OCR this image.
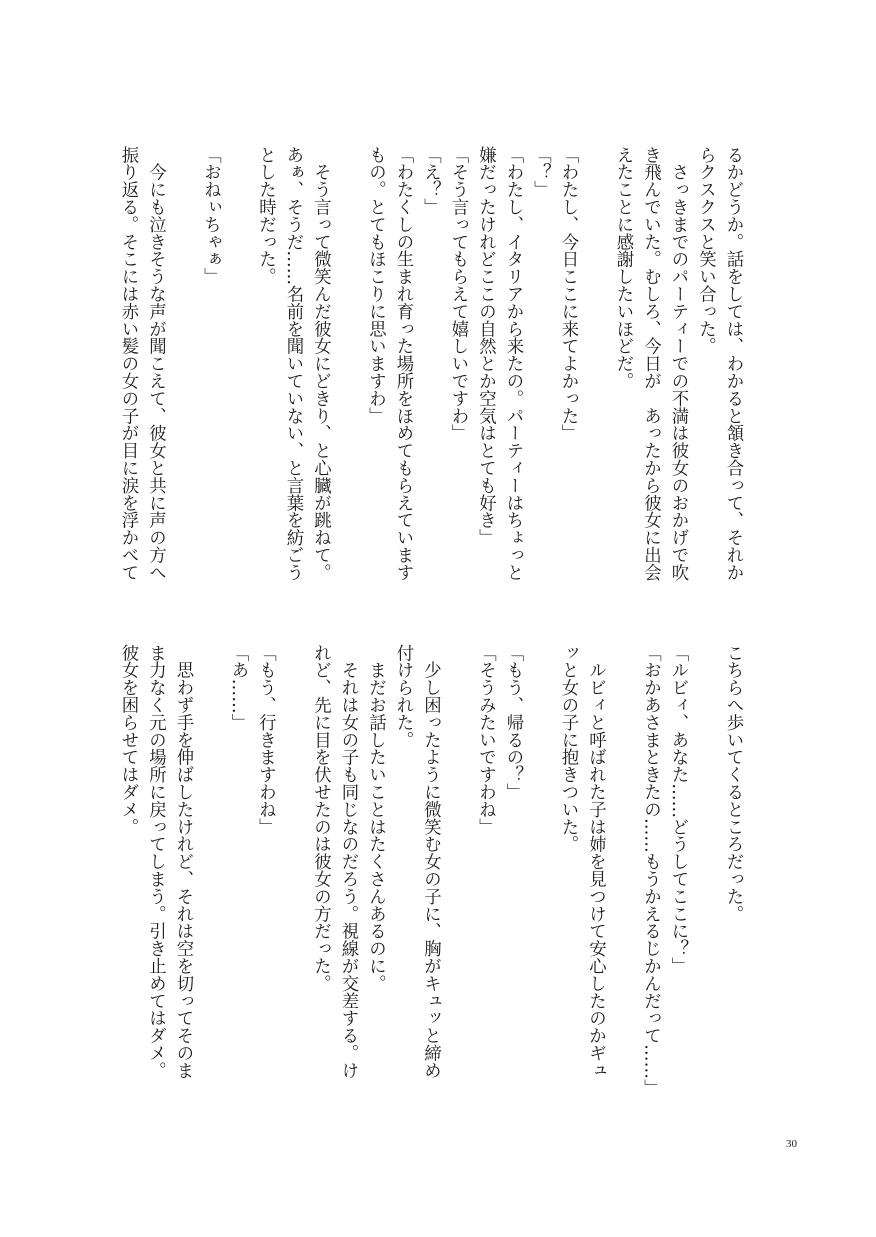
るかどうか。話をしては、わかると頷き合って、それか
らクスクスと笑い合った。
　さっきまでのパーティーでの不満は彼女のおかげで吹
き飛んでいた。むしろ、今日が　あったから彼女に出会
えたことに感謝したいほどだ。
「わたし、今日ここに来てよかった」
「？」
「わたし、イタリアから来たの。パーティーはちょっと
嫌だったけれどここの自然とか空気はとても好き」
「そう言ってもらえて嬉しいですわ」
「え？」
「わたくしの生まれ育った場所をほめてもらえています
もの。とてもほこりに思いますわ」
　そう言って微笑んだ彼女にどきり、と心臓が跳ねて。
あぁ、そうだ……名前を聞いていない、と言葉を紡ごう
とした時だった。
「おねぃちゃぁ」
　今にも泣きそうな声が聞こえて、彼女と共に声の方へ
振り返る。そこには赤い髪の女の子が目に涙を浮かべて
こちらへ歩いてくるところだった。
「ルビィ、あなた……どうしてここに？」
「おかあさまときたの……もうかえるじかんだって……」
　ルビィと呼ばれた子は姉を見つけて安心したのかギュ
ッと女の子に抱きついた。
「もう、帰るの？」
「そうみたいですわね」
　少し困ったように微笑む女の子に、胸がキュッと締め
付けられた。
　まだお話したいことはたくさんあるのに。
　それは女の子も同じなのだろう。視線が交差する。け
れど、先に目を伏せたのは彼女の方だった。
「もう、行きますわね」
「あ……」
　思わず手を伸ばしたけれど、それは空を切ってそのま
ま力なく元の場所に戻ってしまう。引き止めてはダメ。
彼女を困らせてはダメ。
30
